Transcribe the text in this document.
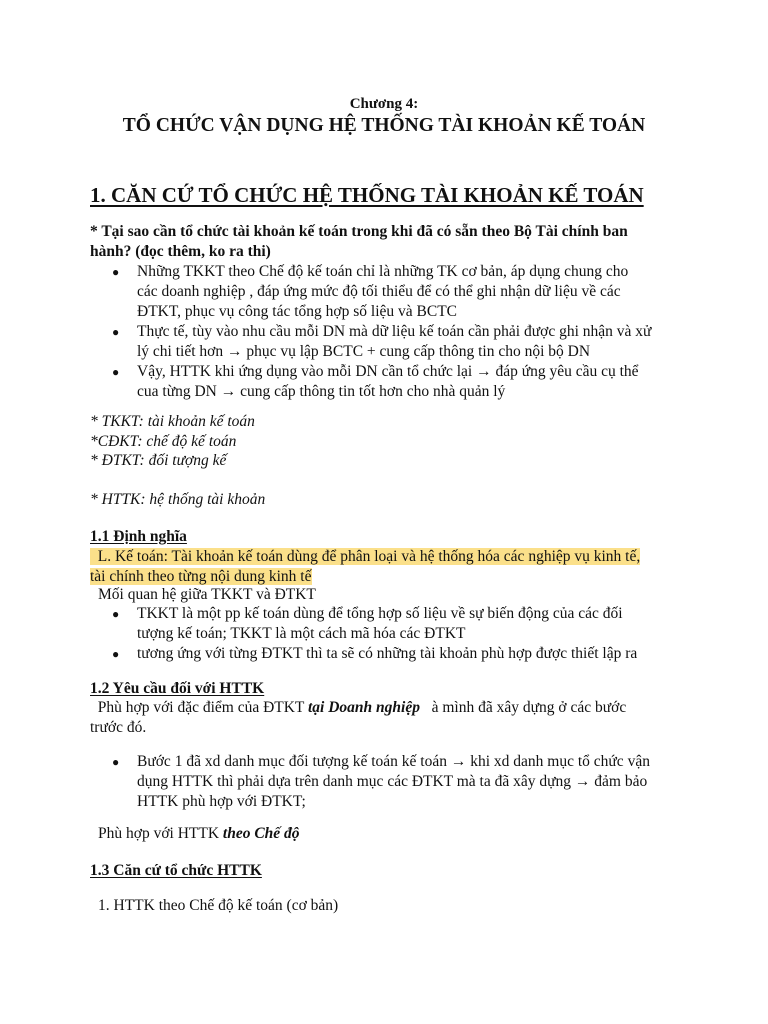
Chương 4:
TỔ CHỨC VẬN DỤNG HỆ THỐNG TÀI KHOẢN KẾ TOÁN
1. CĂN CỨ TỔ CHỨC HỆ THỐNG TÀI KHOẢN KẾ TOÁN
* Tại sao cần tổ chức tài khoản kế toán trong khi đã có sẵn theo Bộ Tài chính ban
hành? (đọc thêm, ko ra thi)
● Những TKKT theo Chế độ kế toán chỉ là những TK cơ bản, áp dụng chung cho
các doanh nghiệp , đáp ứng mức độ tối thiểu để có thể ghi nhận dữ liệu về các
ĐTKT, phục vụ công tác tổng hợp số liệu và BCTC
● Thực tế, tùy vào nhu cầu mỗi DN mà dữ liệu kế toán cần phải được ghi nhận và xử
lý chi tiết hơn → phục vụ lập BCTC + cung cấp thông tin cho nội bộ DN
● Vậy, HTTK khi ứng dụng vào mỗi DN cần tổ chức lại → đáp ứng yêu cầu cụ thể
cua từng DN → cung cấp thông tin tốt hơn cho nhà quản lý
* TKKT: tài khoản kế toán
*CĐKT: chế độ kế toán
* ĐTKT: đối tượng kế
* HTTK: hệ thống tài khoản
1.1 Định nghĩa
L. Kế toán: Tài khoản kế toán dùng để phân loại và hệ thống hóa các nghiệp vụ kinh tế,
tài chính theo từng nội dung kinh tế
Mối quan hệ giữa TKKT và ĐTKT
● TKKT là một pp kế toán dùng để tổng hợp số liệu về sự biến động của các đối
tượng kế toán; TKKT là một cách mã hóa các ĐTKT
● tương ứng với từng ĐTKT thì ta sẽ có những tài khoản phù hợp được thiết lập ra
1.2 Yêu cầu đối với HTTK
Phù hợp với đặc điểm của ĐTKT tại Doanh nghiệp   à mình đã xây dựng ở các bước
trước đó.
● Bước 1 đã xd danh mục đối tượng kế toán kế toán → khi xd danh mục tổ chức vận
dụng HTTK thì phải dựa trên danh mục các ĐTKT mà ta đã xây dựng → đảm bảo
HTTK phù hợp với ĐTKT;
Phù hợp với HTTK theo Chế độ
1.3 Căn cứ tổ chức HTTK
1. HTTK theo Chế độ kế toán (cơ bản)
